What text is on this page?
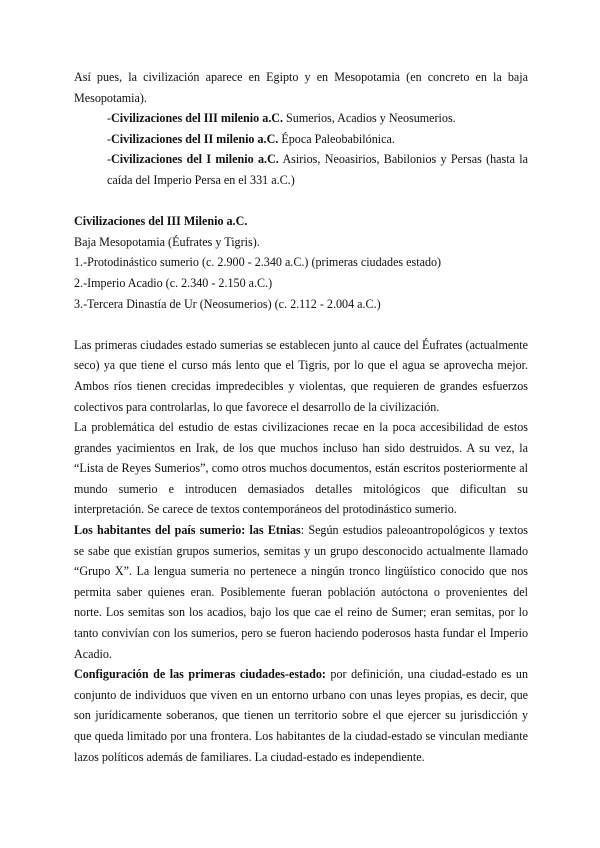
Así pues, la civilización aparece en Egipto y en Mesopotamia (en concreto en la baja Mesopotamia).

-Civilizaciones del III milenio a.C. Sumerios, Acadios y Neosumerios.

-Civilizaciones del II milenio a.C. Época Paleobabilónica.

-Civilizaciones del I milenio a.C. Asirios, Neoasirios, Babilonios y Persas (hasta la caída del Imperio Persa en el 331 a.C.)

Civilizaciones del III Milenio a.C.

Baja Mesopotamia (Éufrates y Tigris).

1.-Protodinástico sumerio (c. 2.900 - 2.340 a.C.) (primeras ciudades estado)

2.-Imperio Acadio (c. 2.340 - 2.150 a.C.)

3.-Tercera Dinastía de Ur (Neosumerios) (c. 2.112 - 2.004 a.C.)

Las primeras ciudades estado sumerias se establecen junto al cauce del Éufrates (actualmente seco) ya que tiene el curso más lento que el Tigris, por lo que el agua se aprovecha mejor. Ambos ríos tienen crecidas impredecibles y violentas, que requieren de grandes esfuerzos colectivos para controlarlas, lo que favorece el desarrollo de la civilización.

La problemática del estudio de estas civilizaciones recae en la poca accesibilidad de estos grandes yacimientos en Irak, de los que muchos incluso han sido destruidos. A su vez, la “Lista de Reyes Sumerios”, como otros muchos documentos, están escritos posteriormente al mundo sumerio e introducen demasiados detalles mitológicos que dificultan su interpretación. Se carece de textos contemporáneos del protodinástico sumerio.

Los habitantes del país sumerio: las Etnias: Según estudios paleoantropológicos y textos se sabe que existían grupos sumerios, semitas y un grupo desconocido actualmente llamado “Grupo X”. La lengua sumeria no pertenece a ningún tronco lingüístico conocido que nos permita saber quienes eran. Posiblemente fueran población autóctona o provenientes del norte. Los semitas son los acadios, bajo los que cae el reino de Sumer; eran semitas, por lo tanto convivían con los sumerios, pero se fueron haciendo poderosos hasta fundar el Imperio Acadio.

Configuración de las primeras ciudades-estado: por definición, una ciudad-estado es un conjunto de individuos que viven en un entorno urbano con unas leyes propias, es decir, que son jurídicamente soberanos, que tienen un territorio sobre el que ejercer su jurisdicción y que queda limitado por una frontera. Los habitantes de la ciudad-estado se vinculan mediante lazos políticos además de familiares. La ciudad-estado es independiente.
